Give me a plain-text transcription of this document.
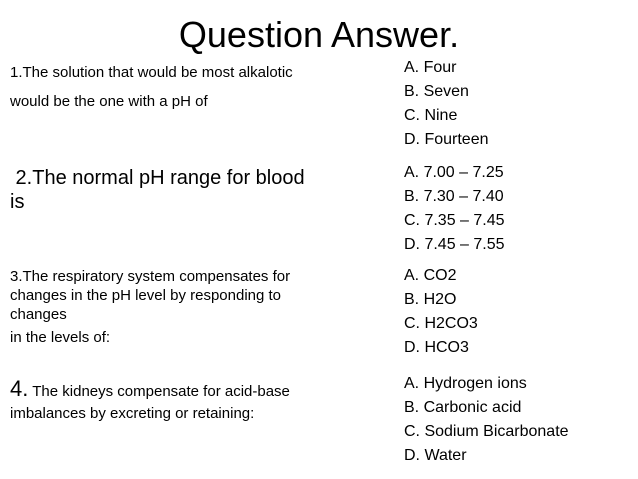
Question Answer.
1.The solution that would be most alkalotic
would be the one with a pH of
A. Four
B. Seven
C. Nine
D. Fourteen
2.The normal pH range for blood
is
A. 7.00 – 7.25
B. 7.30 – 7.40
C. 7.35 – 7.45
D. 7.45 – 7.55
3.The respiratory system compensates for
changes in the pH level by responding to
changes
in the levels of:
A. CO2
B. H2O
C. H2CO3
D. HCO3
4. The kidneys compensate for acid-base
imbalances by excreting or retaining:
A. Hydrogen ions
B. Carbonic acid
C. Sodium Bicarbonate
D. Water
